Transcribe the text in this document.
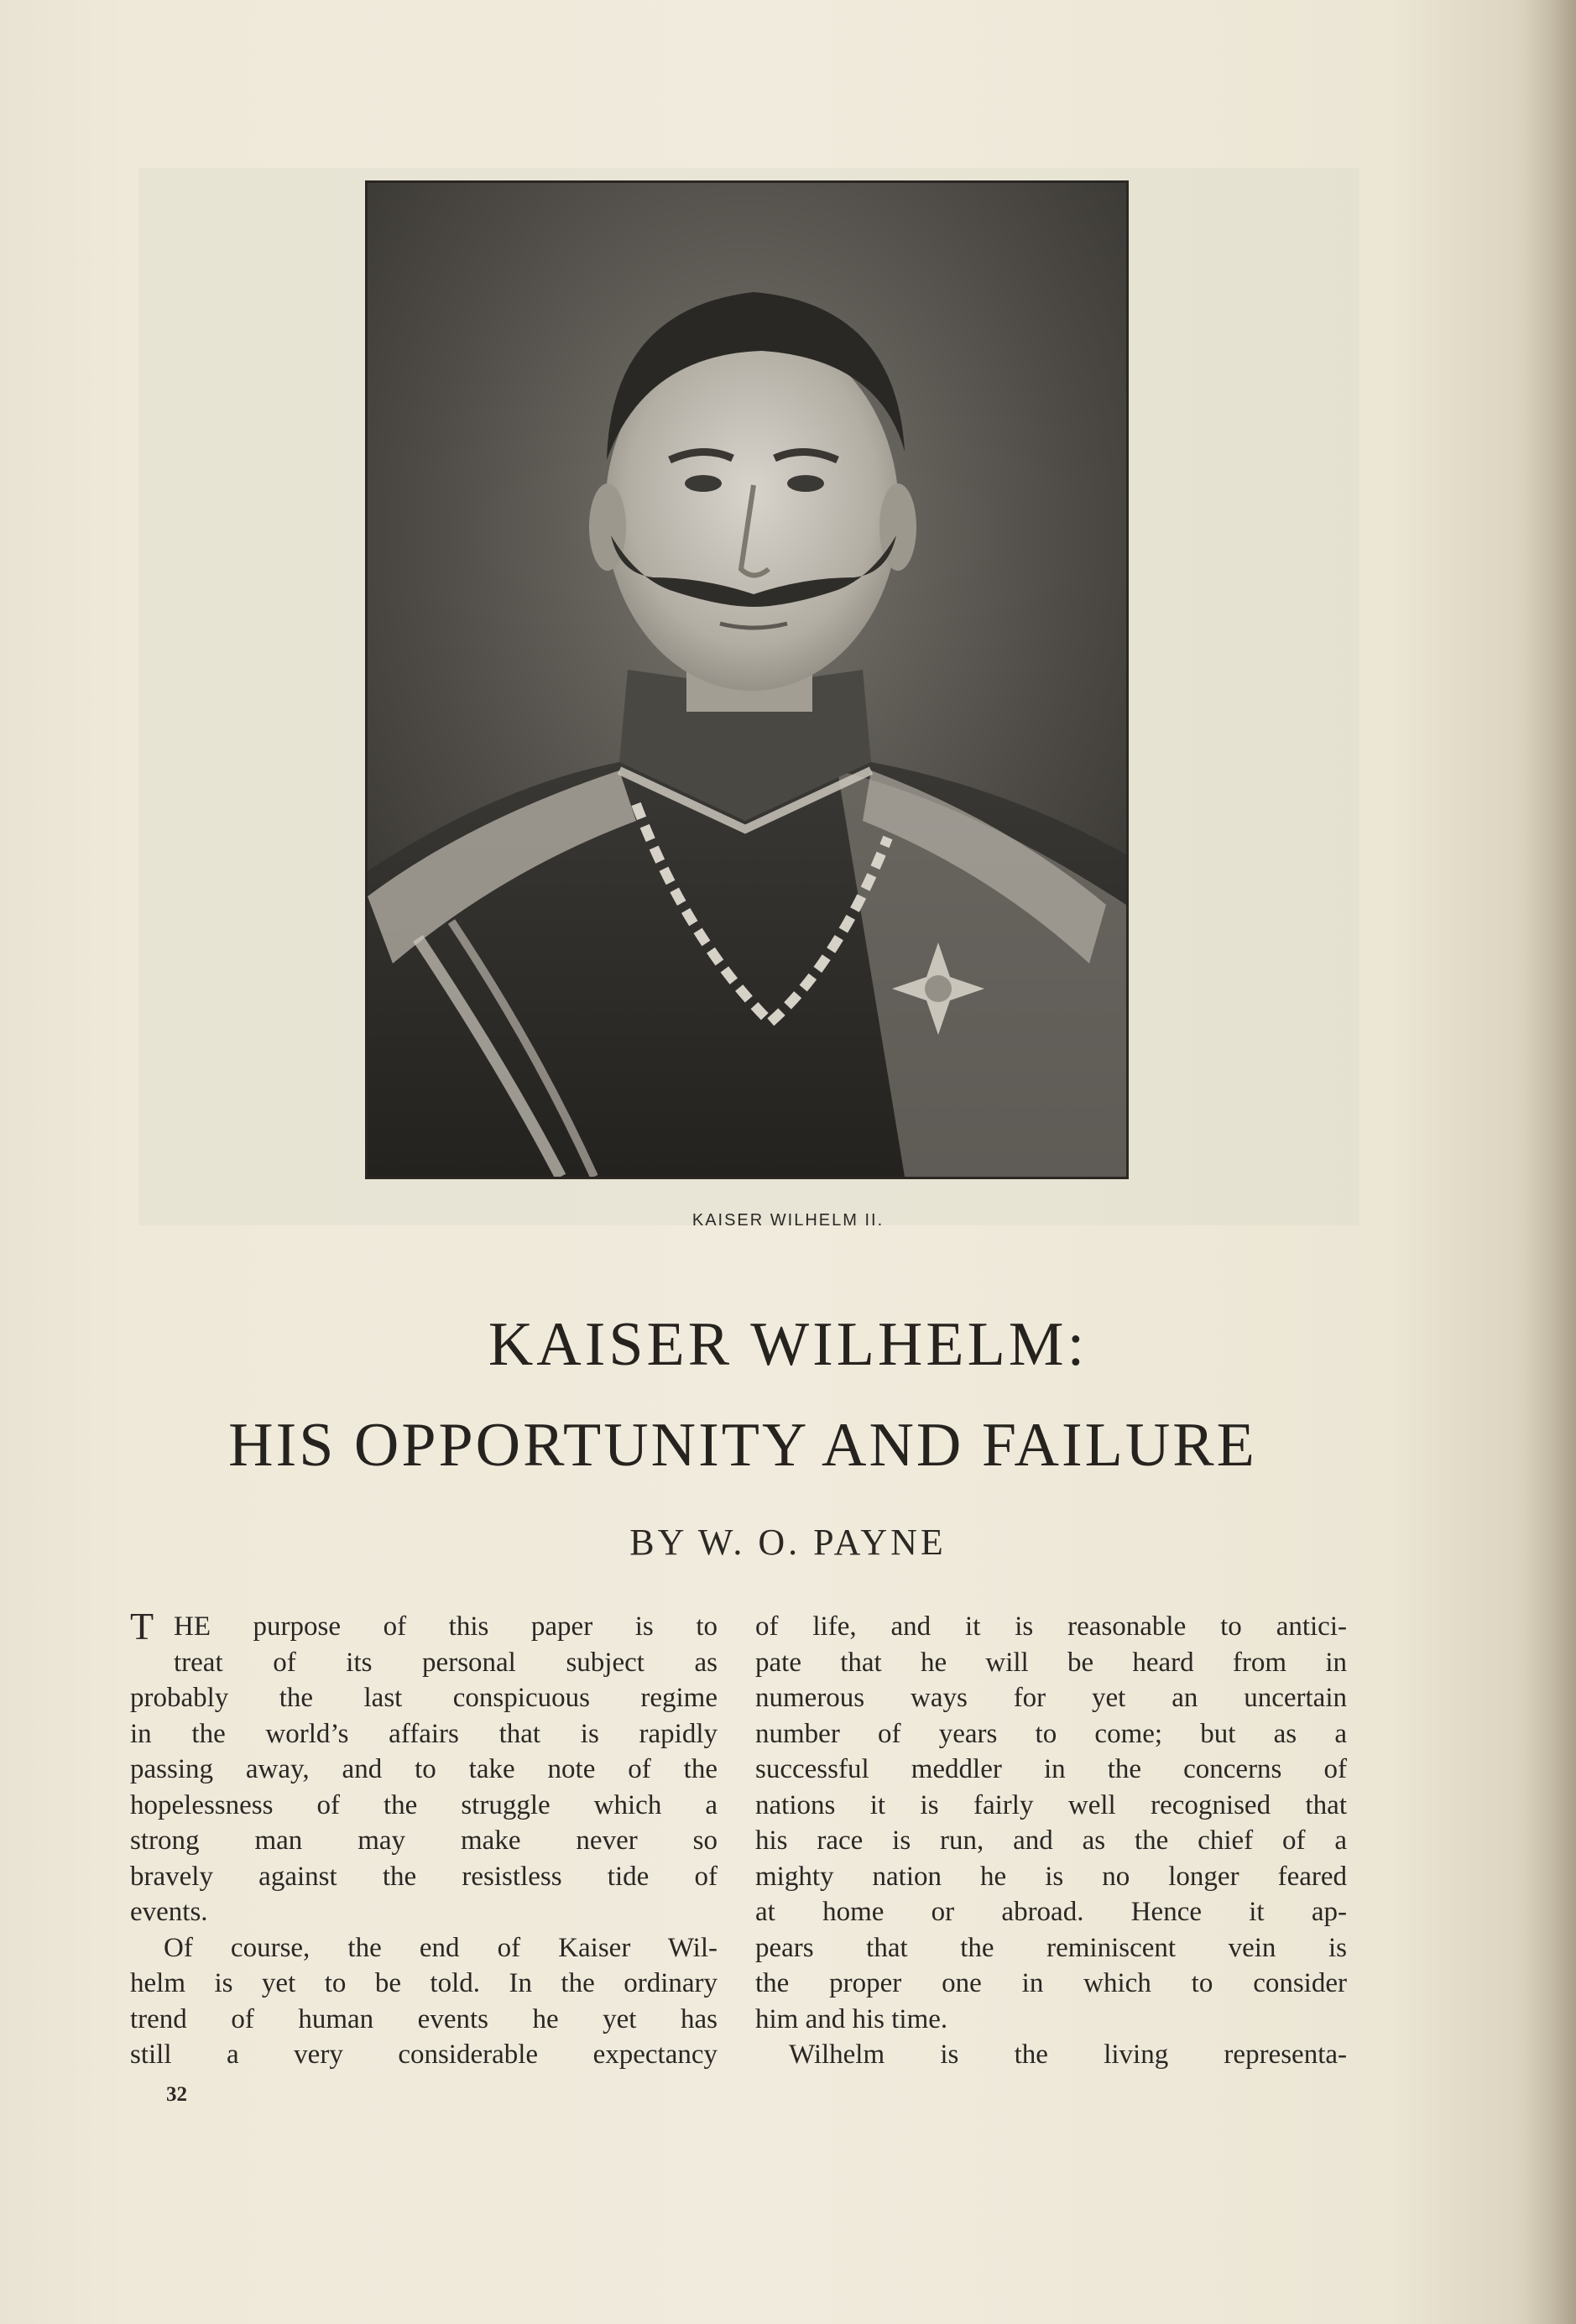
KAISER WILHELM II.
KAISER WILHELM:
HIS OPPORTUNITY AND FAILURE
BY W. O. PAYNE
T HE purpose of this paper is to
treat of its personal subject as
probably the last conspicuous regime
in the world’s affairs that is rapidly
passing away, and to take note of the
hopelessness of the struggle which a
strong man may make never so
bravely against the resistless tide of
events.
Of course, the end of Kaiser Wil-
helm is yet to be told. In the ordinary
trend of human events he yet has
still a very considerable expectancy
of life, and it is reasonable to antici-
pate that he will be heard from in
numerous ways for yet an uncertain
number of years to come; but as a
successful meddler in the concerns of
nations it is fairly well recognised that
his race is run, and as the chief of a
mighty nation he is no longer feared
at home or abroad. Hence it ap-
pears that the reminiscent vein is
the proper one in which to consider
him and his time.
Wilhelm is the living representa-
32
